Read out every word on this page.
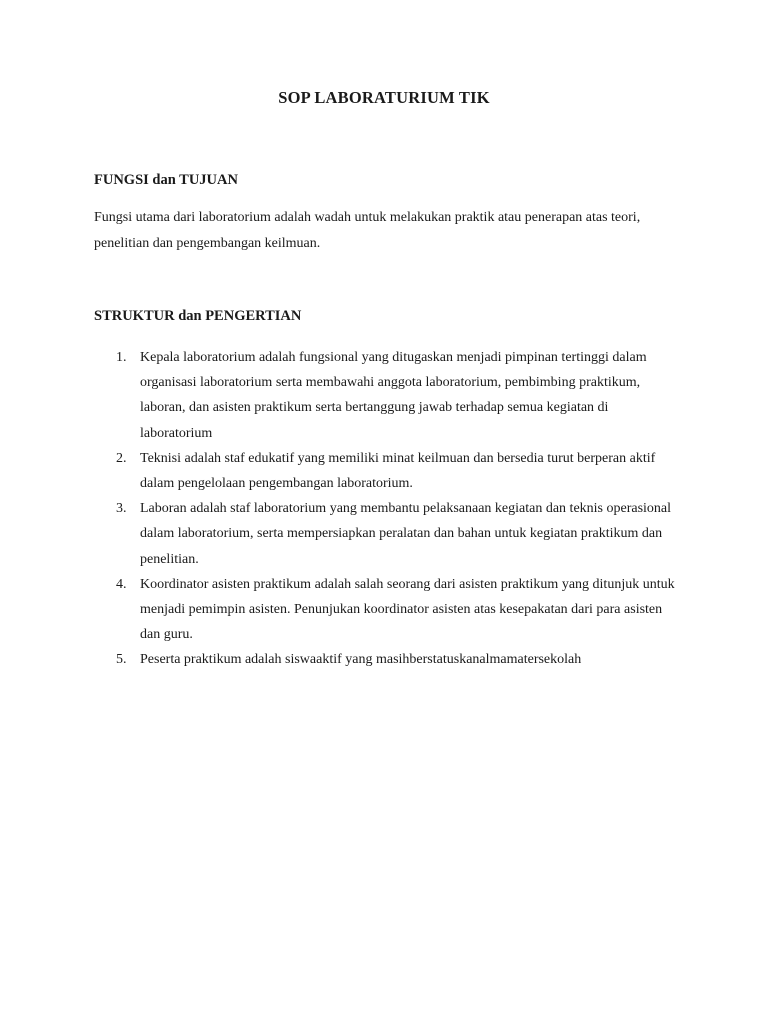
SOP LABORATURIUM TIK
FUNGSI dan TUJUAN
Fungsi utama dari laboratorium adalah wadah untuk melakukan praktik atau penerapan atas teori, penelitian dan pengembangan keilmuan.
STRUKTUR dan PENGERTIAN
1. Kepala laboratorium adalah fungsional yang ditugaskan menjadi pimpinan tertinggi dalam organisasi laboratorium serta membawahi anggota laboratorium, pembimbing praktikum, laboran, dan asisten praktikum serta bertanggung jawab terhadap semua kegiatan di laboratorium
2. Teknisi adalah staf edukatif yang memiliki minat keilmuan dan bersedia turut berperan aktif dalam pengelolaan pengembangan laboratorium.
3. Laboran adalah staf laboratorium yang membantu pelaksanaan kegiatan dan teknis operasional dalam laboratorium, serta mempersiapkan peralatan dan bahan untuk kegiatan praktikum dan penelitian.
4. Koordinator asisten praktikum adalah salah seorang dari asisten praktikum yang ditunjuk untuk menjadi pemimpin asisten. Penunjukan koordinator asisten atas kesepakatan dari para asisten dan guru.
5. Peserta praktikum adalah siswaaktif yang masihberstatuskanalmamatersekolah
